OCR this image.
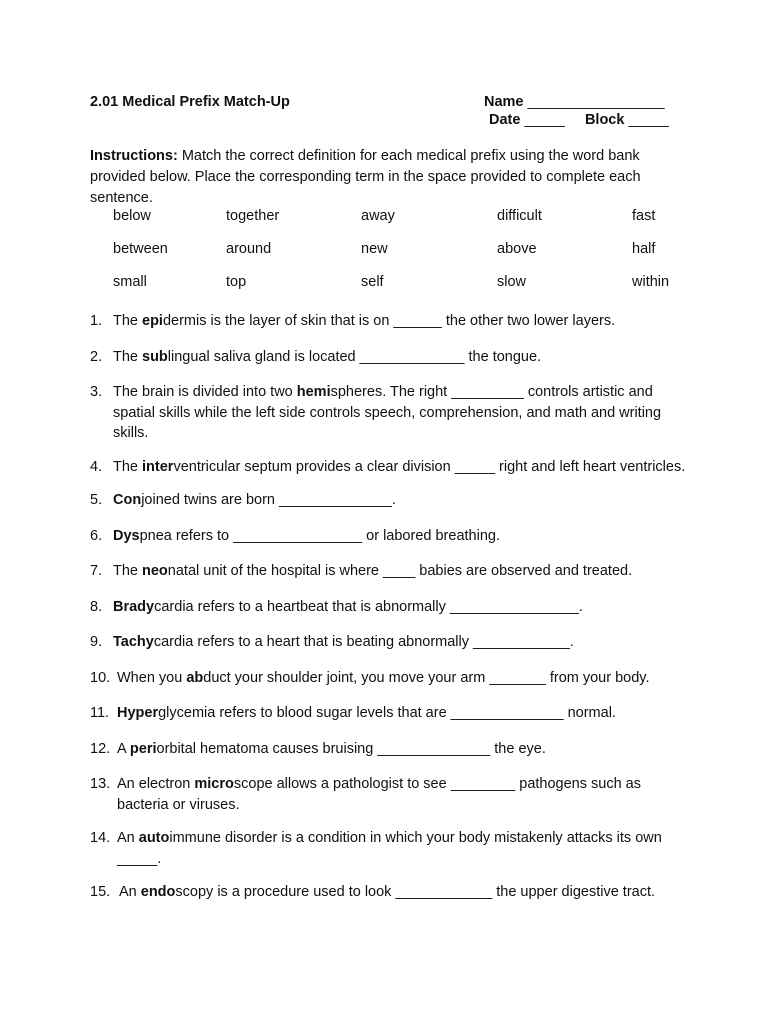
2.01 Medical Prefix Match-Up	Name _________________
Date _____ Block _____
Instructions: Match the correct definition for each medical prefix using the word bank provided below. Place the corresponding term in the space provided to complete each sentence.
below	together	away	difficult	fast
between	around	new	above	half
small	top	self	slow	within
1. The epidermis is the layer of skin that is on ______ the other two lower layers.
2. The sublingual saliva gland is located _____________ the tongue.
3. The brain is divided into two hemispheres. The right _________ controls artistic and spatial skills while the left side controls speech, comprehension, and math and writing skills.
4. The interventricular septum provides a clear division _____ right and left heart ventricles.
5. Conjoined twins are born ______________.
6. Dyspnea refers to ________________ or labored breathing.
7. The neonatal unit of the hospital is where ____ babies are observed and treated.
8. Bradycardia refers to a heartbeat that is abnormally ________________.
9. Tachycardia refers to a heart that is beating abnormally ____________.
10. When you abduct your shoulder joint, you move your arm _______ from your body.
11. Hyperglycemia refers to blood sugar levels that are ______________ normal.
12. A periorbital hematoma causes bruising ______________ the eye.
13. An electron microscope allows a pathologist to see ________ pathogens such as bacteria or viruses.
14. An autoimmune disorder is a condition in which your body mistakenly attacks its own _____.
15. An endoscopy is a procedure used to look ____________ the upper digestive tract.
